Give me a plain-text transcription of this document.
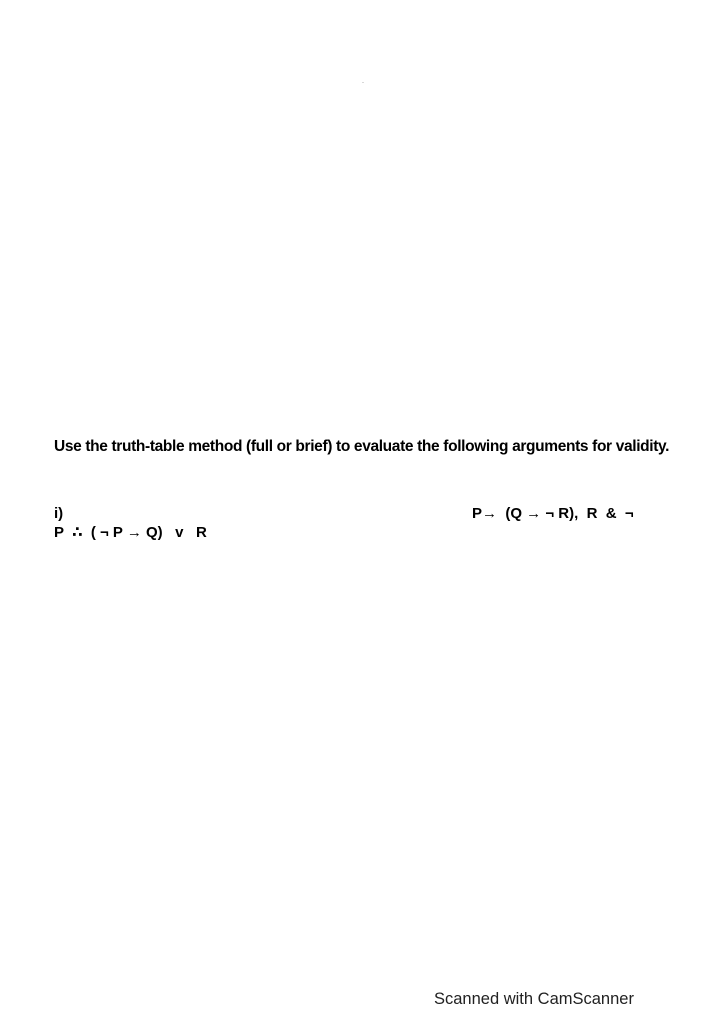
Use the truth-table method (full or brief) to evaluate the following arguments for validity.
i)	P→  (Q → ¬ R),  R  &  ¬
P  ∴  ( ¬ P → Q)   v   R
Scanned with CamScanner
